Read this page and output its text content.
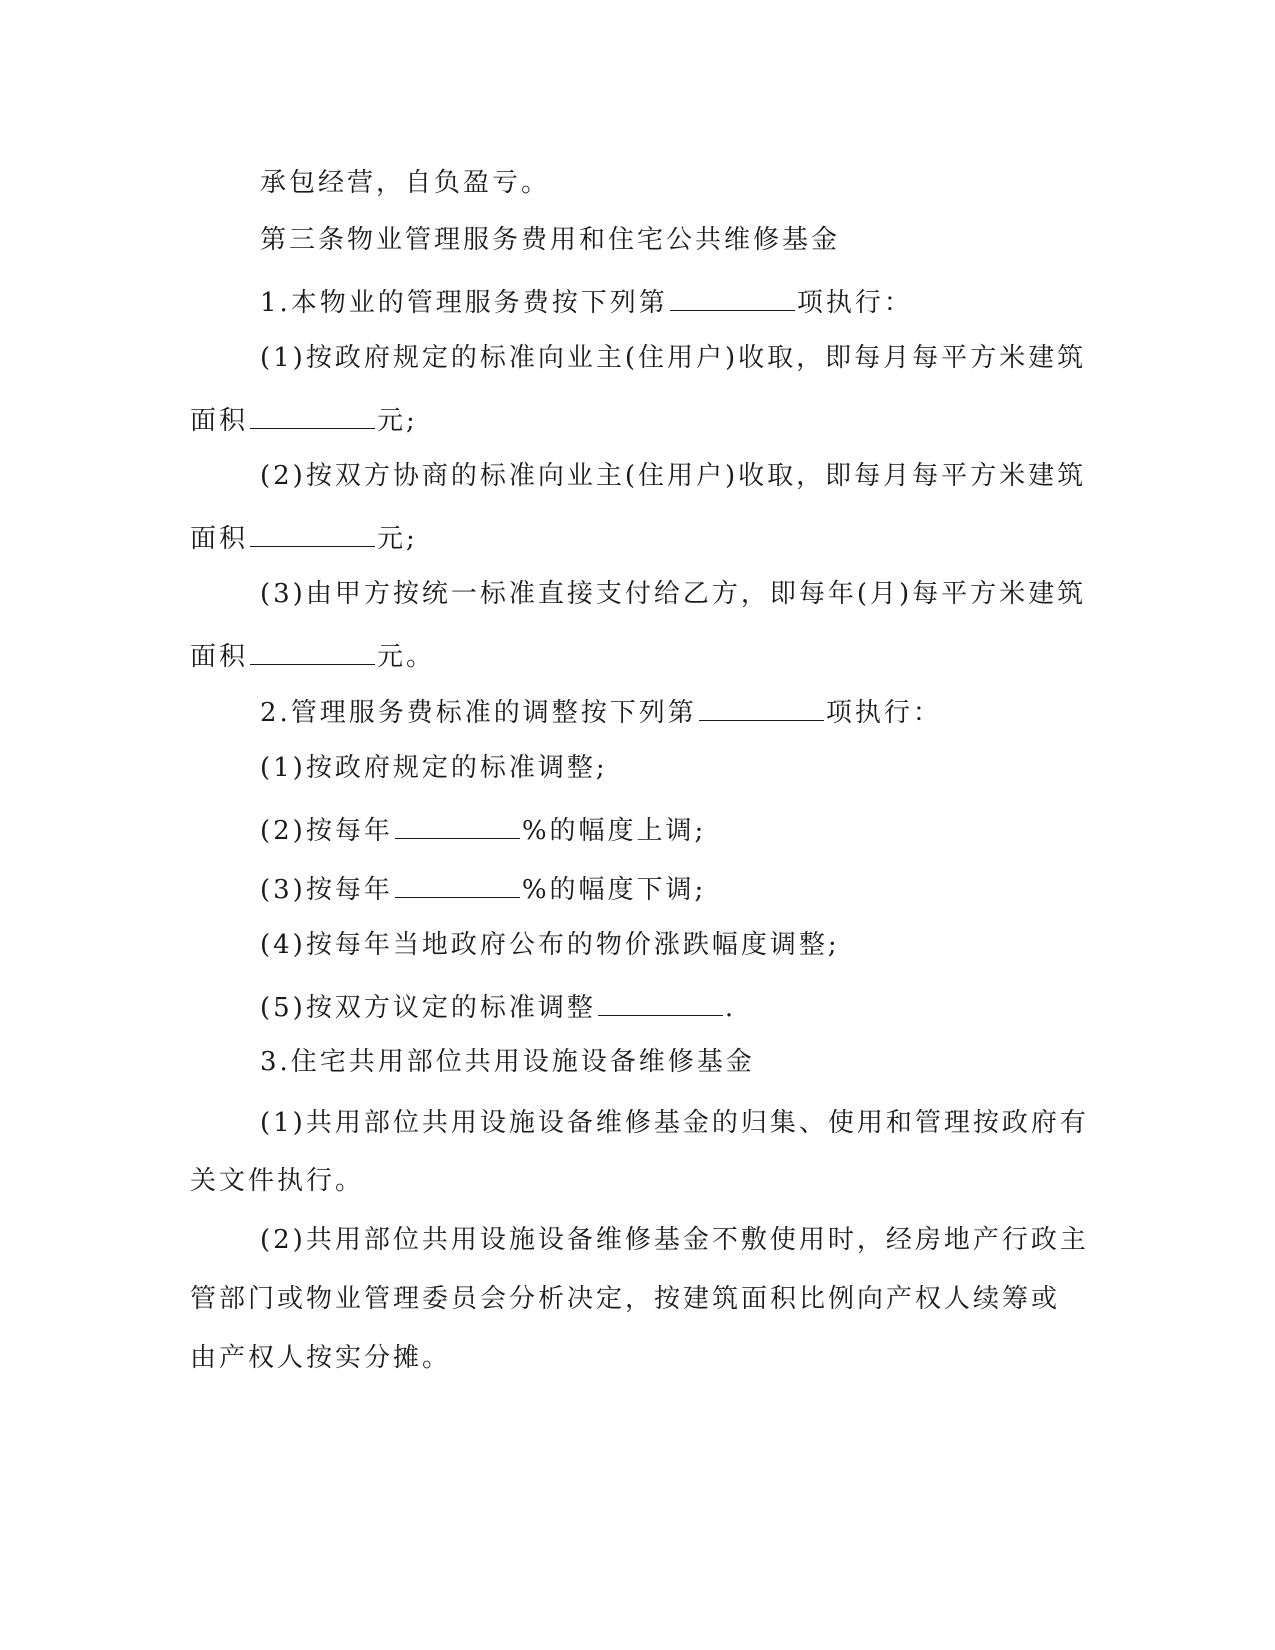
承包经营，自负盈亏。
第三条物业管理服务费用和住宅公共维修基金
1.本物业的管理服务费按下列第	项执行：
(1)按政府规定的标准向业主(住用户)收取，即每月每平方米建筑
面积	元;
(2)按双方协商的标准向业主(住用户)收取，即每月每平方米建筑
面积	元;
(3)由甲方按统一标准直接支付给乙方，即每年(月)每平方米建筑
面积	元。
2.管理服务费标准的调整按下列第	项执行：
(1)按政府规定的标准调整;
(2)按每年	%的幅度上调;
(3)按每年	%的幅度下调;
(4)按每年当地政府公布的物价涨跌幅度调整;
(5)按双方议定的标准调整	.
3.住宅共用部位共用设施设备维修基金
(1)共用部位共用设施设备维修基金的归集、使用和管理按政府有
关文件执行。
(2)共用部位共用设施设备维修基金不敷使用时，经房地产行政主
管部门或物业管理委员会分析决定，按建筑面积比例向产权人续筹或
由产权人按实分摊。
